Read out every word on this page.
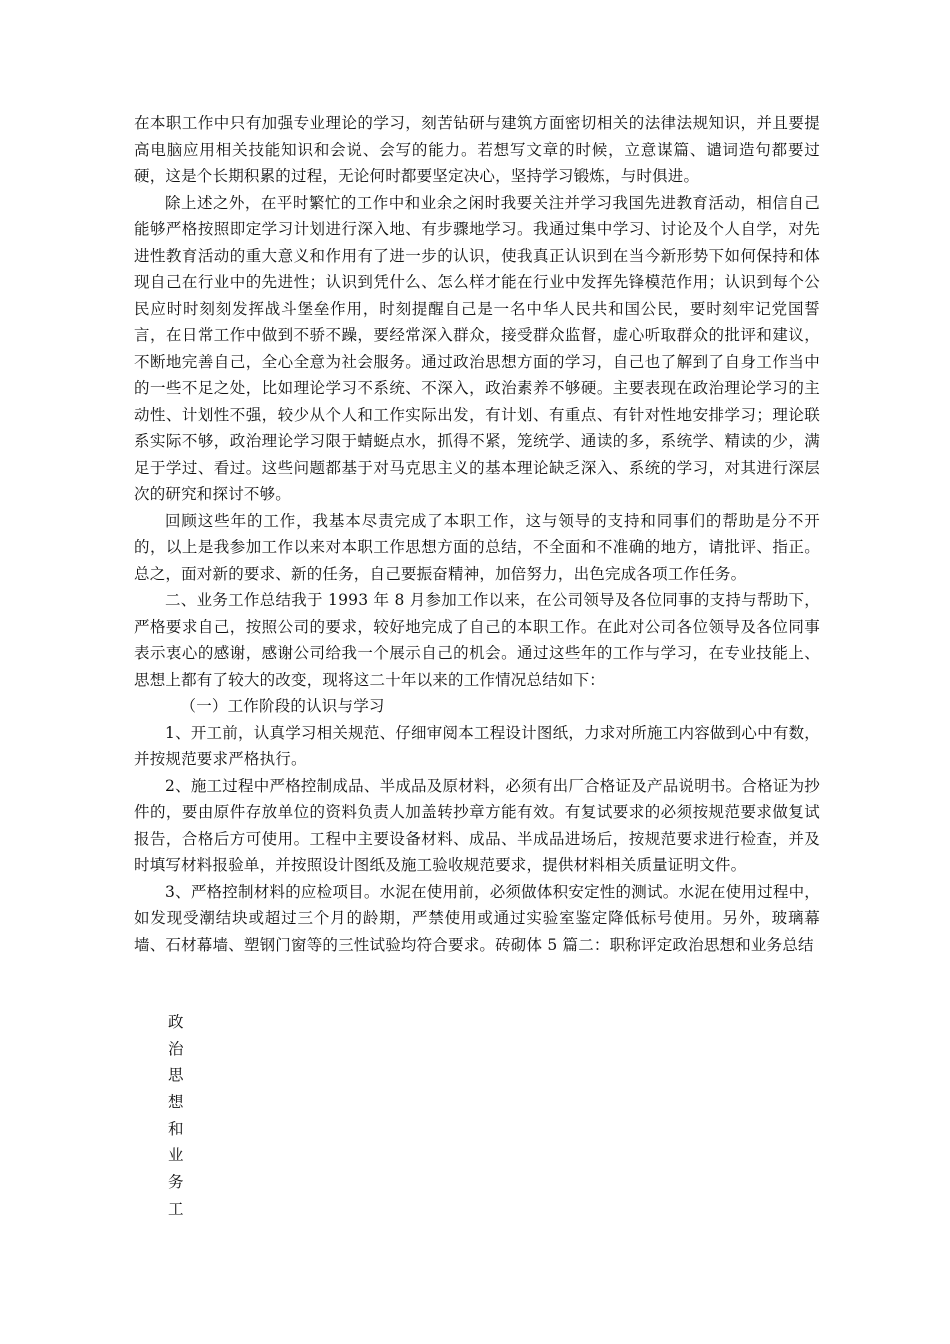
在本职工作中只有加强专业理论的学习，刻苦钻研与建筑方面密切相关的法律法规知识，并且要提高电脑应用相关技能知识和会说、会写的能力。若想写文章的时候，立意谋篇、谴词造句都要过硬，这是个长期积累的过程，无论何时都要坚定决心，坚持学习锻炼，与时俱进。

除上述之外，在平时繁忙的工作中和业余之闲时我要关注并学习我国先进教育活动，相信自己能够严格按照即定学习计划进行深入地、有步骤地学习。我通过集中学习、讨论及个人自学，对先进性教育活动的重大意义和作用有了进一步的认识，使我真正认识到在当今新形势下如何保持和体现自己在行业中的先进性；认识到凭什么、怎么样才能在行业中发挥先锋模范作用；认识到每个公民应时时刻刻发挥战斗堡垒作用，时刻提醒自己是一名中华人民共和国公民，要时刻牢记党国誓言，在日常工作中做到不骄不躁，要经常深入群众，接受群众监督，虚心听取群众的批评和建议，不断地完善自己，全心全意为社会服务。通过政治思想方面的学习，自己也了解到了自身工作当中的一些不足之处，比如理论学习不系统、不深入，政治素养不够硬。主要表现在政治理论学习的主动性、计划性不强，较少从个人和工作实际出发，有计划、有重点、有针对性地安排学习；理论联系实际不够，政治理论学习限于蜻蜓点水，抓得不紧，笼统学、通读的多，系统学、精读的少，满足于学过、看过。这些问题都基于对马克思主义的基本理论缺乏深入、系统的学习，对其进行深层次的研究和探讨不够。

回顾这些年的工作，我基本尽责完成了本职工作，这与领导的支持和同事们的帮助是分不开的，以上是我参加工作以来对本职工作思想方面的总结，不全面和不准确的地方，请批评、指正。总之，面对新的要求、新的任务，自己要振奋精神，加倍努力，出色完成各项工作任务。

二、业务工作总结我于 1993 年 8 月参加工作以来，在公司领导及各位同事的支持与帮助下，严格要求自己，按照公司的要求，较好地完成了自己的本职工作。在此对公司各位领导及各位同事表示衷心的感谢，感谢公司给我一个展示自己的机会。通过这些年的工作与学习，在专业技能上、思想上都有了较大的改变，现将这二十年以来的工作情况总结如下：

（一）工作阶段的认识与学习

1、开工前，认真学习相关规范、仔细审阅本工程设计图纸，力求对所施工内容做到心中有数，并按规范要求严格执行。

2、施工过程中严格控制成品、半成品及原材料，必须有出厂合格证及产品说明书。合格证为抄件的，要由原件存放单位的资料负责人加盖转抄章方能有效。有复试要求的必须按规范要求做复试报告，合格后方可使用。工程中主要设备材料、成品、半成品进场后，按规范要求进行检查，并及时填写材料报验单，并按照设计图纸及施工验收规范要求，提供材料相关质量证明文件。

3、严格控制材料的应检项目。水泥在使用前，必须做体积安定性的测试。水泥在使用过程中，如发现受潮结块或超过三个月的龄期，严禁使用或通过实验室鉴定降低标号使用。另外，玻璃幕墙、石材幕墙、塑钢门窗等的三性试验均符合要求。砖砌体 5 篇二：职称评定政治思想和业务总结

政
治
思
想
和
业
务
工
